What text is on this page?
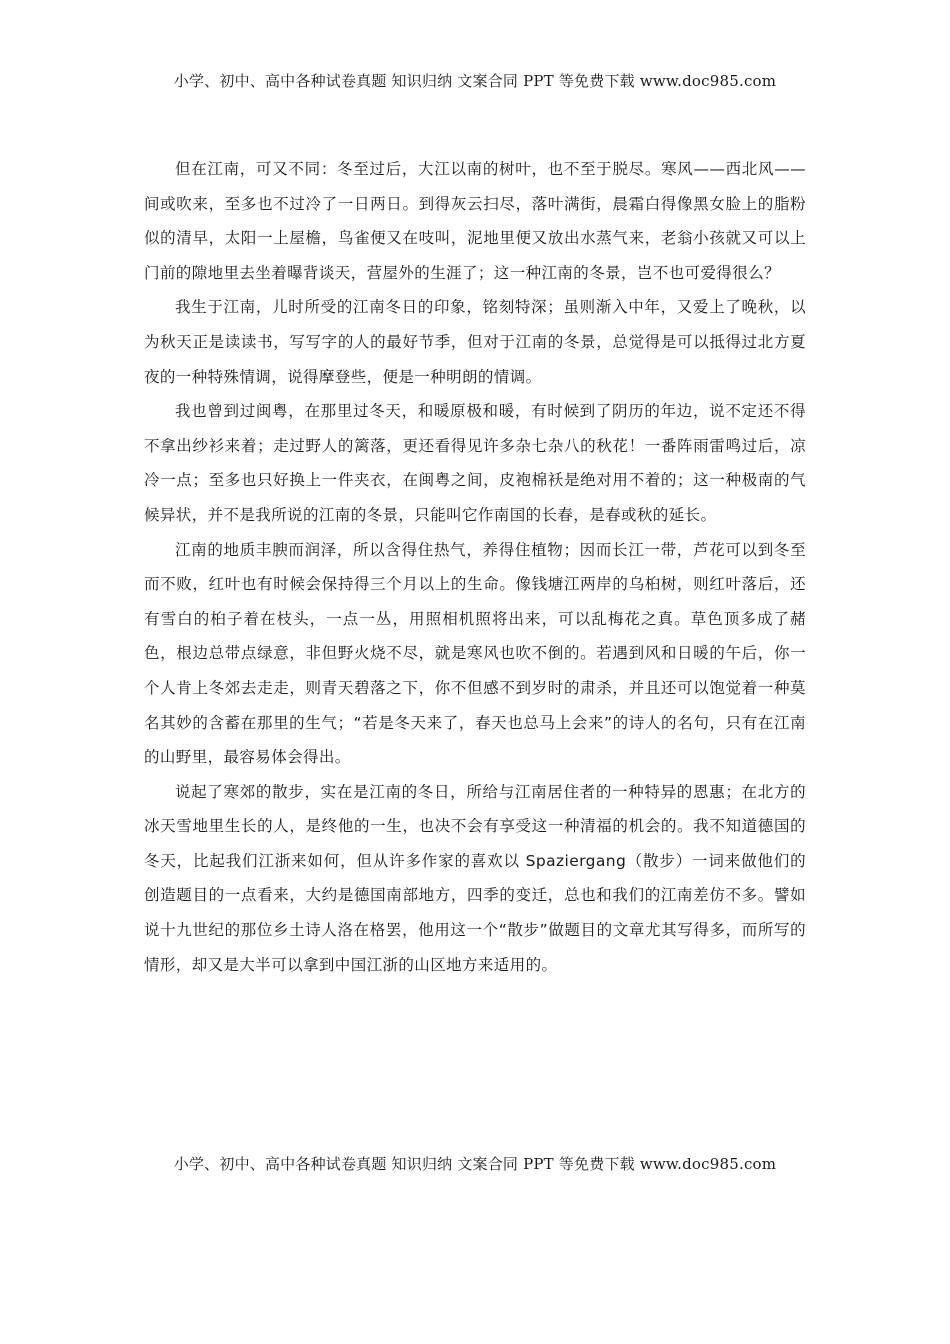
小学、初中、高中各种试卷真题 知识归纳 文案合同 PPT 等免费下载 www.doc985.com

但在江南，可又不同：冬至过后，大江以南的树叶，也不至于脱尽。寒风——西北风——间或吹来，至多也不过冷了一日两日。到得灰云扫尽，落叶满街，晨霜白得像黑女脸上的脂粉似的清早，太阳一上屋檐，鸟雀便又在吱叫，泥地里便又放出水蒸气来，老翁小孩就又可以上门前的隙地里去坐着曝背谈天，营屋外的生涯了；这一种江南的冬景，岂不也可爱得很么？

我生于江南，儿时所受的江南冬日的印象，铭刻特深；虽则渐入中年，又爱上了晚秋，以为秋天正是读读书，写写字的人的最好节季，但对于江南的冬景，总觉得是可以抵得过北方夏夜的一种特殊情调，说得摩登些，便是一种明朗的情调。

我也曾到过闽粤，在那里过冬天，和暖原极和暖，有时候到了阴历的年边，说不定还不得不拿出纱衫来着；走过野人的篱落，更还看得见许多杂七杂八的秋花！一番阵雨雷鸣过后，凉冷一点；至多也只好换上一件夹衣，在闽粤之间，皮袍棉袄是绝对用不着的；这一种极南的气候异状，并不是我所说的江南的冬景，只能叫它作南国的长春，是春或秋的延长。

江南的地质丰腴而润泽，所以含得住热气，养得住植物；因而长江一带，芦花可以到冬至而不败，红叶也有时候会保持得三个月以上的生命。像钱塘江两岸的乌桕树，则红叶落后，还有雪白的桕子着在枝头，一点一丛，用照相机照将出来，可以乱梅花之真。草色顶多成了赭色，根边总带点绿意，非但野火烧不尽，就是寒风也吹不倒的。若遇到风和日暖的午后，你一个人肯上冬郊去走走，则青天碧落之下，你不但感不到岁时的肃杀，并且还可以饱觉着一种莫名其妙的含蓄在那里的生气；“若是冬天来了，春天也总马上会来”的诗人的名句，只有在江南的山野里，最容易体会得出。

说起了寒郊的散步，实在是江南的冬日，所给与江南居住者的一种特异的恩惠；在北方的冰天雪地里生长的人，是终他的一生，也决不会有享受这一种清福的机会的。我不知道德国的冬天，比起我们江浙来如何，但从许多作家的喜欢以 Spaziergang（散步）一词来做他们的创造题目的一点看来，大约是德国南部地方，四季的变迁，总也和我们的江南差仿不多。譬如说十九世纪的那位乡土诗人洛在格罢，他用这一个“散步”做题目的文章尤其写得多，而所写的情形，却又是大半可以拿到中国江浙的山区地方来适用的。

小学、初中、高中各种试卷真题 知识归纳 文案合同 PPT 等免费下载 www.doc985.com
